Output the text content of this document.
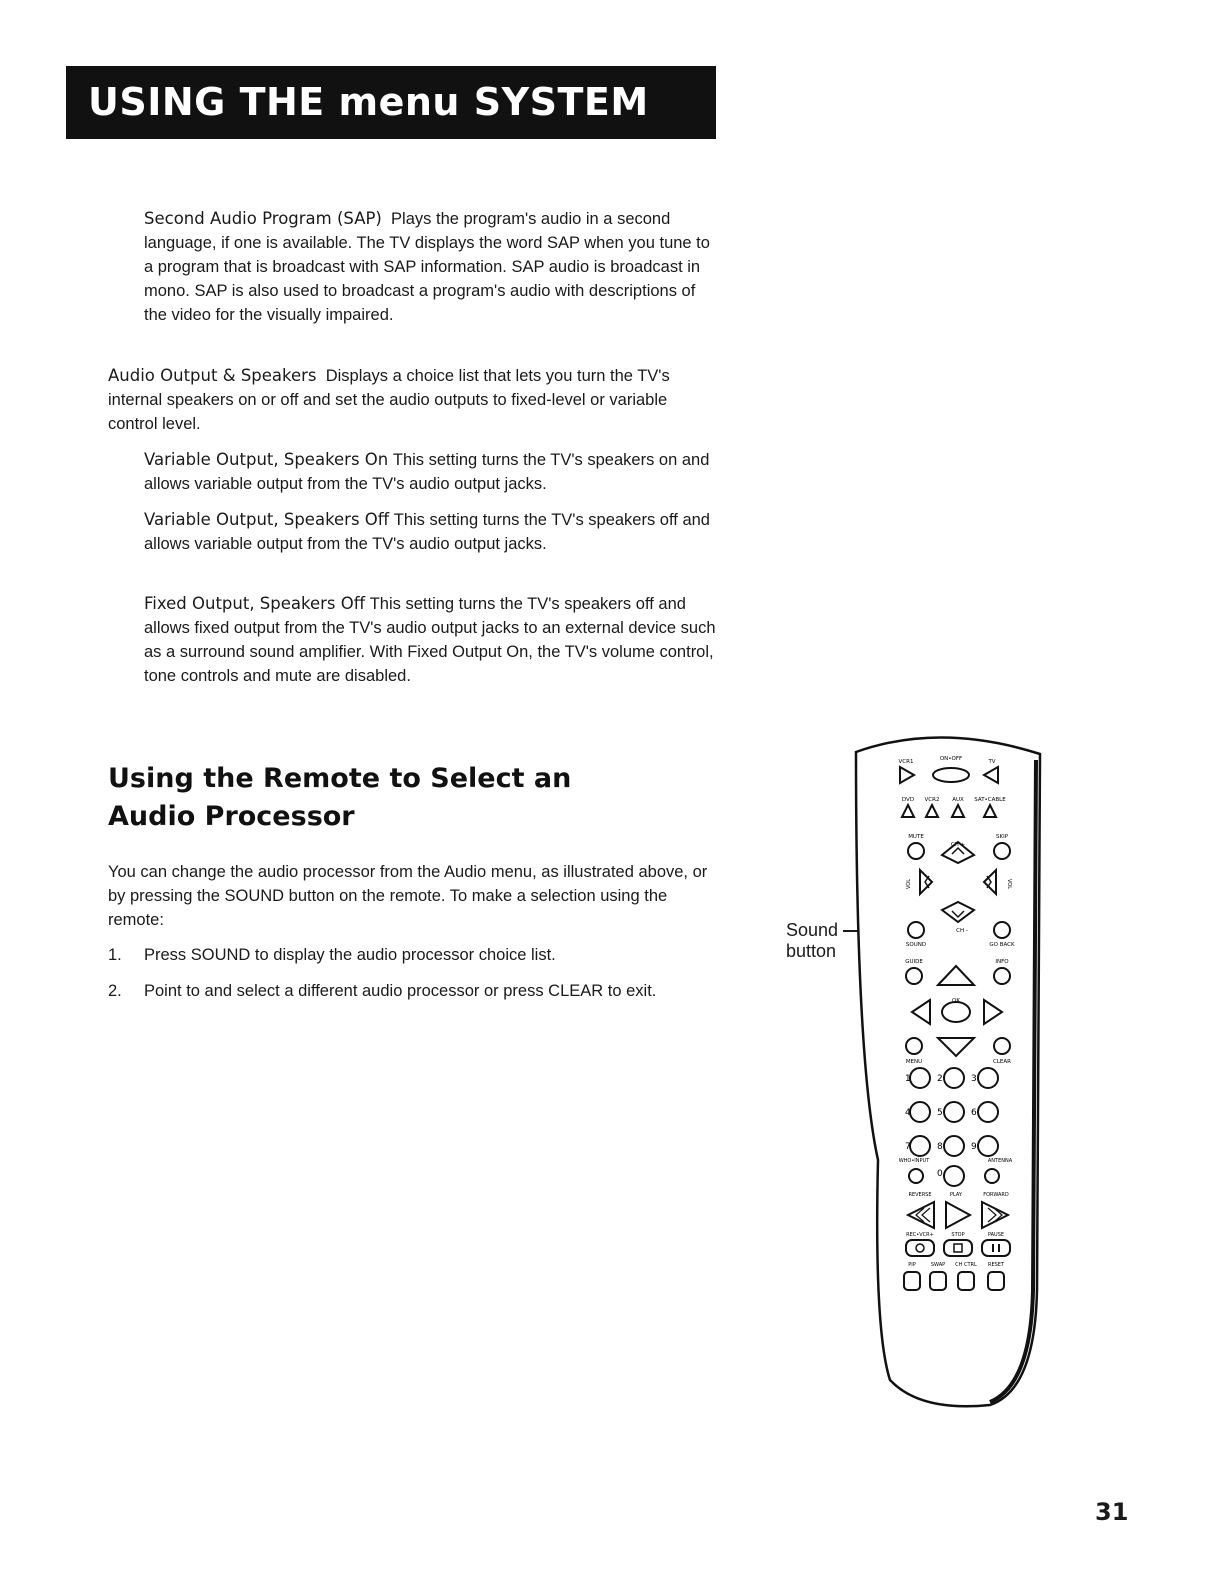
USING THE menu SYSTEM

Second Audio Program (SAP) Plays the program's audio in a second language, if one is available. The TV displays the word SAP when you tune to a program that is broadcast with SAP information. SAP audio is broadcast in mono. SAP is also used to broadcast a program's audio with descriptions of the video for the visually impaired.

Audio Output & Speakers Displays a choice list that lets you turn the TV's internal speakers on or off and set the audio outputs to fixed-level or variable control level.

Variable Output, Speakers On This setting turns the TV's speakers on and allows variable output from the TV's audio output jacks.

Variable Output, Speakers Off This setting turns the TV's speakers off and allows variable output from the TV's audio output jacks.

Fixed Output, Speakers Off This setting turns the TV's speakers off and allows fixed output from the TV's audio output jacks to an external device such as a surround sound amplifier. With Fixed Output On, the TV's volume control, tone controls and mute are disabled.

Using the Remote to Select an
Audio Processor

You can change the audio processor from the Audio menu, as illustrated above, or by pressing the SOUND button on the remote. To make a selection using the remote:

1. Press SOUND to display the audio processor choice list.
2. Point to and select a different audio processor or press CLEAR to exit.
Sound
button
VCR1	ON•OFF	TV
DVD VCR2 AUX SAT•CABLE
MUTE	SKIP
CH +
VOL	VOL
CH -
SOUND	GO BACK
GUIDE	INFO
OK
MENU	CLEAR
1	2	3
4	5	6
7	8	9
WHO•INPUT	ANTENNA
0
REVERSE	PLAY	FORWARD
REC•VCR+	STOP	PAUSE
PIP	SWAP CH CTRL RESET
31
